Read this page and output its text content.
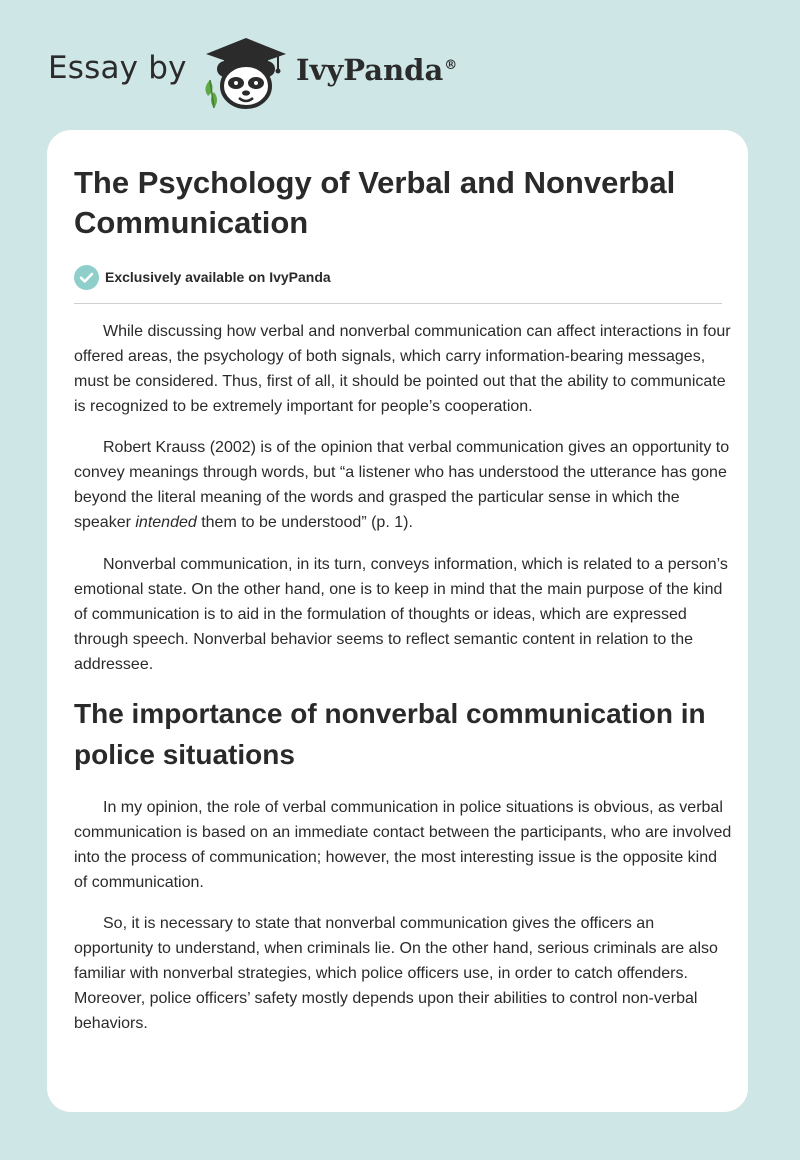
Essay by	IvyPanda®
The Psychology of Verbal and Nonverbal Communication
Exclusively available on IvyPanda

While discussing how verbal and nonverbal communication can affect interactions in four offered areas, the psychology of both signals, which carry information-bearing messages, must be considered. Thus, first of all, it should be pointed out that the ability to communicate is recognized to be extremely important for people’s cooperation.

Robert Krauss (2002) is of the opinion that verbal communication gives an opportunity to convey meanings through words, but “a listener who has understood the utterance has gone beyond the literal meaning of the words and grasped the particular sense in which the speaker intended them to be understood” (p. 1).

Nonverbal communication, in its turn, conveys information, which is related to a person’s emotional state. On the other hand, one is to keep in mind that the main purpose of the kind of communication is to aid in the formulation of thoughts or ideas, which are expressed through speech. Nonverbal behavior seems to reflect semantic content in relation to the addressee.

The importance of nonverbal communication in police situations

In my opinion, the role of verbal communication in police situations is obvious, as verbal communication is based on an immediate contact between the participants, who are involved into the process of communication; however, the most interesting issue is the opposite kind of communication.

So, it is necessary to state that nonverbal communication gives the officers an opportunity to understand, when criminals lie. On the other hand, serious criminals are also familiar with nonverbal strategies, which police officers use, in order to catch offenders. Moreover, police officers’ safety mostly depends upon their abilities to control non-verbal behaviors.
